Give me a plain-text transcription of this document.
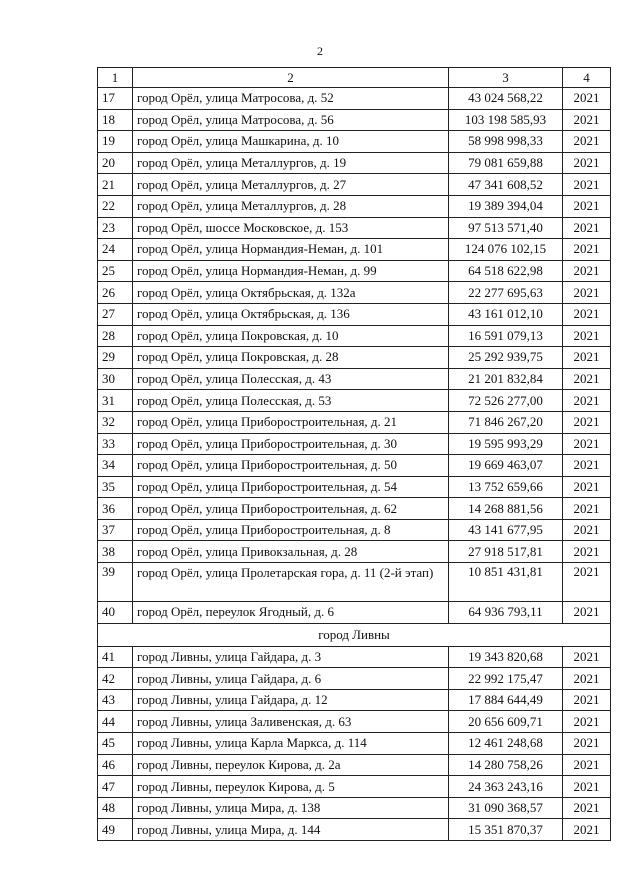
2
1	2	3	4
17	город Орёл, улица Матросова, д. 52	43 024 568,22	2021
18	город Орёл, улица Матросова, д. 56	103 198 585,93	2021
19	город Орёл, улица Машкарина, д. 10	58 998 998,33	2021
20	город Орёл, улица Металлургов, д. 19	79 081 659,88	2021
21	город Орёл, улица Металлургов, д. 27	47 341 608,52	2021
22	город Орёл, улица Металлургов, д. 28	19 389 394,04	2021
23	город Орёл, шоссе Московское, д. 153	97 513 571,40	2021
24	город Орёл, улица Нормандия-Неман, д. 101	124 076 102,15	2021
25	город Орёл, улица Нормандия-Неман, д. 99	64 518 622,98	2021
26	город Орёл, улица Октябрьская, д. 132а	22 277 695,63	2021
27	город Орёл, улица Октябрьская, д. 136	43 161 012,10	2021
28	город Орёл, улица Покровская, д. 10	16 591 079,13	2021
29	город Орёл, улица Покровская, д. 28	25 292 939,75	2021
30	город Орёл, улица Полесская, д. 43	21 201 832,84	2021
31	город Орёл, улица Полесская, д. 53	72 526 277,00	2021
32	город Орёл, улица Приборостроительная, д. 21	71 846 267,20	2021
33	город Орёл, улица Приборостроительная, д. 30	19 595 993,29	2021
34	город Орёл, улица Приборостроительная, д. 50	19 669 463,07	2021
35	город Орёл, улица Приборостроительная, д. 54	13 752 659,66	2021
36	город Орёл, улица Приборостроительная, д. 62	14 268 881,56	2021
37	город Орёл, улица Приборостроительная, д. 8	43 141 677,95	2021
38	город Орёл, улица Привокзальная, д. 28	27 918 517,81	2021
39	город Орёл, улица Пролетарская гора, д. 11 (2-й этап)	10 851 431,81	2021
40	город Орёл, переулок Ягодный, д. 6	64 936 793,11	2021
город Ливны			
41	город Ливны, улица Гайдара, д. 3	19 343 820,68	2021
42	город Ливны, улица Гайдара, д. 6	22 992 175,47	2021
43	город Ливны, улица Гайдара, д. 12	17 884 644,49	2021
44	город Ливны, улица Заливенская, д. 63	20 656 609,71	2021
45	город Ливны, улица Карла Маркса, д. 114	12 461 248,68	2021
46	город Ливны, переулок Кирова, д. 2а	14 280 758,26	2021
47	город Ливны, переулок Кирова, д. 5	24 363 243,16	2021
48	город Ливны, улица Мира, д. 138	31 090 368,57	2021
49	город Ливны, улица Мира, д. 144	15 351 870,37	2021
